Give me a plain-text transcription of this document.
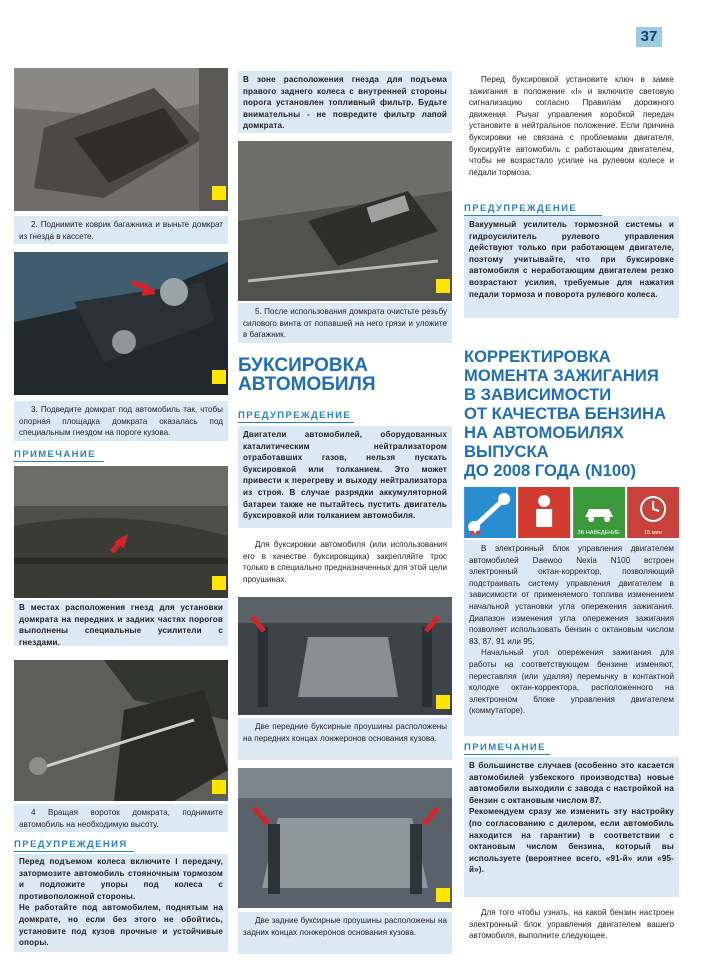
37

2. Поднимите коврик багажника и выньте домкрат из гнезда в кассете.

3. Подведите домкрат под автомобиль так, чтобы опорная площадка домкрата оказалась под специальным гнездом на пороге кузова.

ПРИМЕЧАНИЕ

В местах расположения гнезд для установки домкрата на передних и задних частях порогов выполнены специальные усилители с гнездами.

4 Вращая вороток домкрата, поднимите автомобиль на необходимую высоту.

ПРЕДУПРЕЖДЕНИЯ

Перед подъемом колеса включите I передачу, затормозите автомобиль стояночным тормозом и подложите упоры под колеса с противоположной стороны.

Не работайте под автомобилем, поднятым на домкрате, но если без этого не обойтись, установите под кузов прочные и устойчивые опоры.

В зоне расположения гнезда для подъема правого заднего колеса с внутренней стороны порога установлен топливный фильтр. Будьте внимательны - не повредите фильтр лапой домкрата.

5. После использования домкрата очистьте резьбу силового винта от попавшей на него грязи и уложите в багажник.

БУКСИРОВКА
АВТОМОБИЛЯ
ПРЕДУПРЕЖДЕНИЕ

Двигатели автомобилей, оборудованных каталитическим нейтрализатором отработавших газов, нельзя пускать буксировкой или толканием. Это может привести к перегреву и выходу нейтрализатора из строя. В случае разрядки аккумуляторной батареи также не пытайтесь пустить двигатель буксировкой или толканием автомобиля.

Для буксировки автомобиля (или использования его в качестве буксировщика) закрепляйте трос только в специально предназначенных для этой цели проушинах.

Две передние буксирные проушины расположены на передних концах лонжеронов основания кузова.

Две задние буксирные проушины расположены на задних концах лонжеронов основания кузова.

Перед буксировкой установите ключ в замке зажигания в положение «I» и включите световую сигнализацию согласно Правилам дорожного движения. Рычаг управления коробкой передач установите в нейтральное положение. Если причина буксировки не связана с проблемами двигателя, буксируйте автомобиль с работающим двигателем, чтобы не возрастало усилие на рулевом колесе и педали тормоза.

ПРЕДУПРЕЖДЕНИЕ

Вакуумный усилитель тормозной системы и гидроусилитель рулевого управления действуют только при работающем двигателе, поэтому учитывайте, что при буксировке автомобиля с неработающим двигателем резко возрастают усилия, требуемые для нажатия педали тормоза и поворота рулевого колеса.

КОРРЕКТИРОВКА
МОМЕНТА ЗАЖИГАНИЯ
В ЗАВИСИМОСТИ
ОТ КАЧЕСТВА БЕНЗИНА
НА АВТОМОБИЛЯХ
ВЫПУСКА
ДО 2008 ГОДА (N100)
ЗБ НАВЕДЕНИЕ	15 мин

В электронный блок управления двигателем автомобилей Daewoo Nexia N100 встроен электронный октан-корректор, позволяющий подстраивать систему управления двигателем в зависимости от применяемого топлива изменением начальной установки угла опережения зажигания. Диапазон изменения угла опережения зажигания позволяет использовать бензин с октановым числом 83, 87, 91 или 95.

Начальный угол опережения зажигания для работы на соответствующем бензине изменяют, переставляя (или удаляя) перемычку в контактной колодке октан-корректора, расположенного на электронном блоке управления двигателем (коммутаторе).

ПРИМЕЧАНИЕ

В большинстве случаев (особенно это касается автомобилей узбекского производства) новые автомобили выходили с завода с настройкой на бензин с октановым числом 87.

Рекомендуем сразу же изменить эту настройку (по согласованию с дилером, если автомобиль находится на гарантии) в соответствии с октановым числом бензина, который вы используете (вероятнее всего, «91-й» или «95-й»).

Для того чтобы узнать, на какой бензин настроен электронный блок управления двигателем вашего автомобиля, выполните следующее.
